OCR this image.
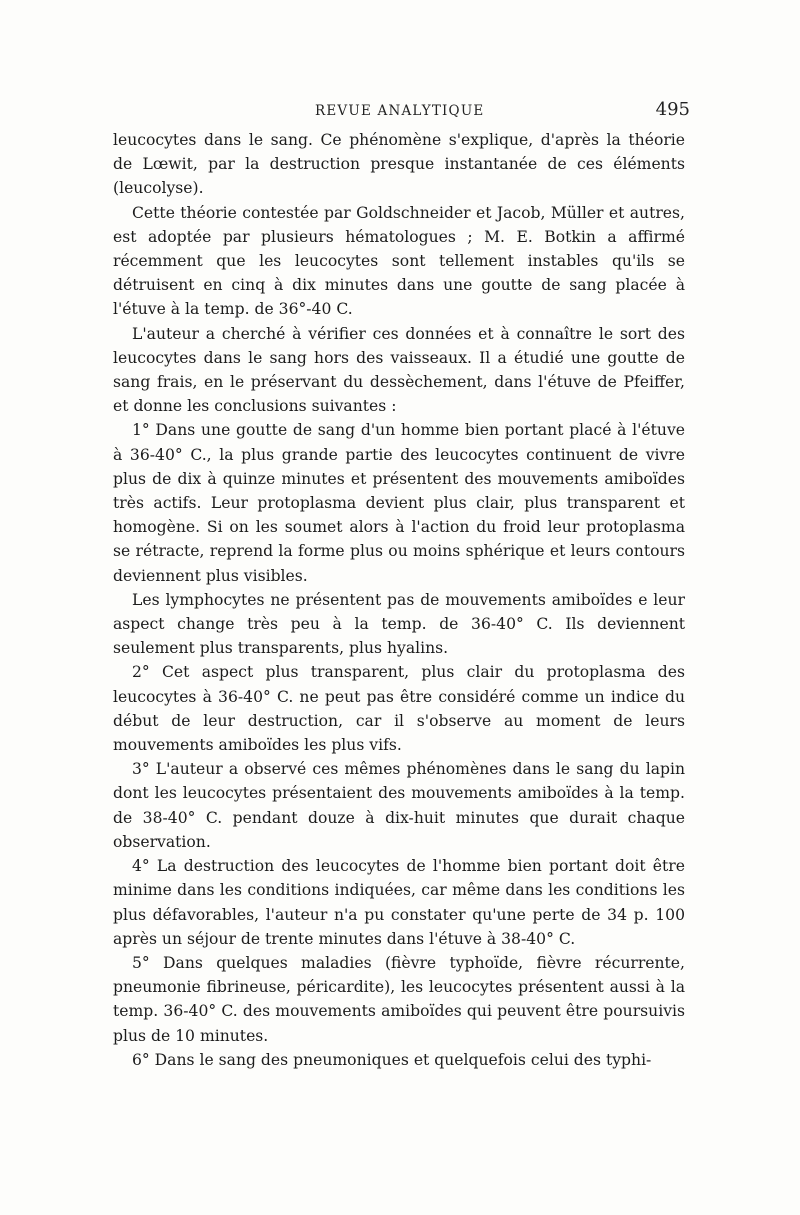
REVUE ANALYTIQUE	495

leucocytes dans le sang. Ce phénomène s'explique, d'après la théorie de Lœwit, par la destruction presque instantanée de ces éléments (leucolyse).

Cette théorie contestée par Goldschneider et Jacob, Müller et autres, est adoptée par plusieurs hématologues ; M. E. Botkin a affirmé récemment que les leucocytes sont tellement instables qu'ils se détruisent en cinq à dix minutes dans une goutte de sang placée à l'étuve à la temp. de 36°-40 C.

L'auteur a cherché à vérifier ces données et à connaître le sort des leucocytes dans le sang hors des vaisseaux. Il a étudié une goutte de sang frais, en le préservant du dessèchement, dans l'étuve de Pfeiffer, et donne les conclusions suivantes :

1° Dans une goutte de sang d'un homme bien portant placé à l'étuve à 36-40° C., la plus grande partie des leucocytes continuent de vivre plus de dix à quinze minutes et présentent des mouvements amiboïdes très actifs. Leur protoplasma devient plus clair, plus transparent et homogène. Si on les soumet alors à l'action du froid leur protoplasma se rétracte, reprend la forme plus ou moins sphérique et leurs contours deviennent plus visibles.

Les lymphocytes ne présentent pas de mouvements amiboïdes e leur aspect change très peu à la temp. de 36-40° C. Ils deviennent seulement plus transparents, plus hyalins.

2° Cet aspect plus transparent, plus clair du protoplasma des leucocytes à 36-40° C. ne peut pas être considéré comme un indice du début de leur destruction, car il s'observe au moment de leurs mouvements amiboïdes les plus vifs.

3° L'auteur a observé ces mêmes phénomènes dans le sang du lapin dont les leucocytes présentaient des mouvements amiboïdes à la temp. de 38-40° C. pendant douze à dix-huit minutes que durait chaque observation.

4° La destruction des leucocytes de l'homme bien portant doit être minime dans les conditions indiquées, car même dans les conditions les plus défavorables, l'auteur n'a pu constater qu'une perte de 34 p. 100 après un séjour de trente minutes dans l'étuve à 38-40° C.

5° Dans quelques maladies (fièvre typhoïde, fièvre récurrente, pneumonie fibrineuse, péricardite), les leucocytes présentent aussi à la temp. 36-40° C. des mouvements amiboïdes qui peuvent être poursuivis plus de 10 minutes.

6° Dans le sang des pneumoniques et quelquefois celui des typhi-
